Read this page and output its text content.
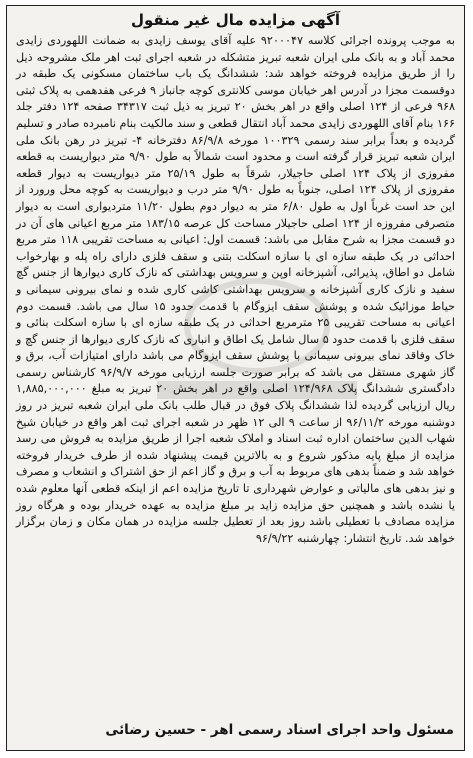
آگهی مزایده مال غیر منقول

به موجب پرونده اجرائی کلاسه ۹۲۰۰۰۴۷ علیه آقای یوسف زایدی به ضمانت اللهوردی زایدی محمد آباد و به بانک ملی ایران شعبه تبریز متشکله در شعبه اجرای ثبت اهر ملک مشروحه ذیل را از طریق مزایده فروخته خواهد شد: ششدانگ یک باب ساختمان مسکونی یک طبقه در دوقسمت مجزا در آدرس اهر خیابان موسی کلانتری کوچه جانباز ۹ فرعی هفدهمی به پلاک ثبتی ۹۶۸ فرعی از ۱۲۴ اصلی واقع در اهر بخش ۲۰ تبریز به ذیل ثبت ۳۴۳۱۷ صفحه ۱۲۴ دفتر جلد ۱۶۶ بنام آقای اللهوردی زایدی محمد آباد انتقال قطعی و سند مالکیت بنام نامبرده صادر و تسلیم گردیده و بعداً برابر سند رسمی ۱۰۰۳۲۹ مورخه ۸۶/۹/۸ دفترخانه ۴- تبریز در رهن بانک ملی ایران شعبه تبریز قرار گرفته است و محدود است شمالاً به طول ۹/۹۰ متر دیواریست به قطعه مفروزی از پلاک ۱۲۴ اصلی حاجیلار، شرقاً به طول ۲۵/۱۹ متر دیواریست به دیوار قطعه مفروزی از پلاک ۱۲۴ اصلی، جنوباً به طول ۹/۹۰ متر درب و دیواریست به کوچه محل ورورد از این حد است غرباً اول به طول ۶/۸۰ متر به دیوار دوم بطول ۱۱/۲۰ متردیواری است به دیوار متصرفی مفروزه از ۱۲۴ اصلی حاجیلار مساحت کل عرصه ۱۸۳/۱۵ متر مربع اعیانی های آن در دو قسمت مجزا به شرح مقابل می باشد: قسمت اول: اعیانی به مساحت تقریبی ۱۱۸ متر مربع احداثی در یک طبقه سازه ای با سازه اسکلت بتنی و سقف فلزی دارای راه پله و بهارخواب شامل دو اطاق، پذیرائی، آشپزخانه اوپن و سرویس بهداشتی که نازک کاری دیوارها از جنس گچ سفید و نازک کاری آشپزخانه و سرویس بهداشتی کاشی کاری شده و نمای بیرونی سیمانی و حیاط موزائیک شده و پوشش سقف ایزوگام با قدمت حدود ۱۵ سال می باشد. قسمت دوم اعیانی به مساحت تقریبی ۲۵ مترمربع احداثی در یک طبقه سازه ای با سازه اسکلت بنائی و سقف فلزی با قدمت حدود ۵ سال شامل یک اطاق و انباری که نازک کاری دیوارها از جنس گچ و خاک وفاقد نمای بیرونی سیمانی با پوشش سقف ایزوگام می باشد دارای امتیازات آب، برق و گاز شهری مستقل می باشد که برابر صورت جلسه ارزیابی مورخه ۹۶/۹/۷ کارشناس رسمی دادگستری ششدانگ پلاک ۱۲۴/۹۶۸ اصلی واقع در اهر بخش ۲۰ تبریز به مبلغ ۱,۸۸۵,۰۰۰,۰۰۰ ریال ارزیابی گردیده لذا ششدانگ پلاک فوق در قبال طلب بانک ملی ایران شعبه تبریز در روز دوشنبه مورخه ۹۶/۱۱/۲ از ساعت ۹ الی ۱۲ ظهر در شعبه اجرای ثبت اهر واقع در خیابان شیخ شهاب الدین ساختمان اداره ثبت اسناد و املاک شعبه اجرا از طریق مزایده به فروش می رسد مزایده از مبلغ پایه مذکور شروع و به بالاترین قیمت پیشنهاد شده از طرف خریدار فروخته خواهد شد و ضمناً بدهی های مربوط به آب و برق و گاز اعم از حق اشتراک و انشعاب و مصرف و نیز بدهی های مالیاتی و عوارض شهرداری تا تاریخ مزایده اعم از اینکه قطعی آنها معلوم شده یا نشده باشد و همچنین حق مزایده زاید بر مبلغ مزایده به عهده خریدار بوده و هرگاه روز مزایده مصادف با تعطیلی باشد روز بعد از تعطیل جلسه مزایده در همان مکان و زمان برگزار خواهد شد. تاریخ انتشار: چهارشنبه ۹۶/۹/۲۲

مسئول واحد اجرای اسناد رسمی اهر - حسین رضائی
